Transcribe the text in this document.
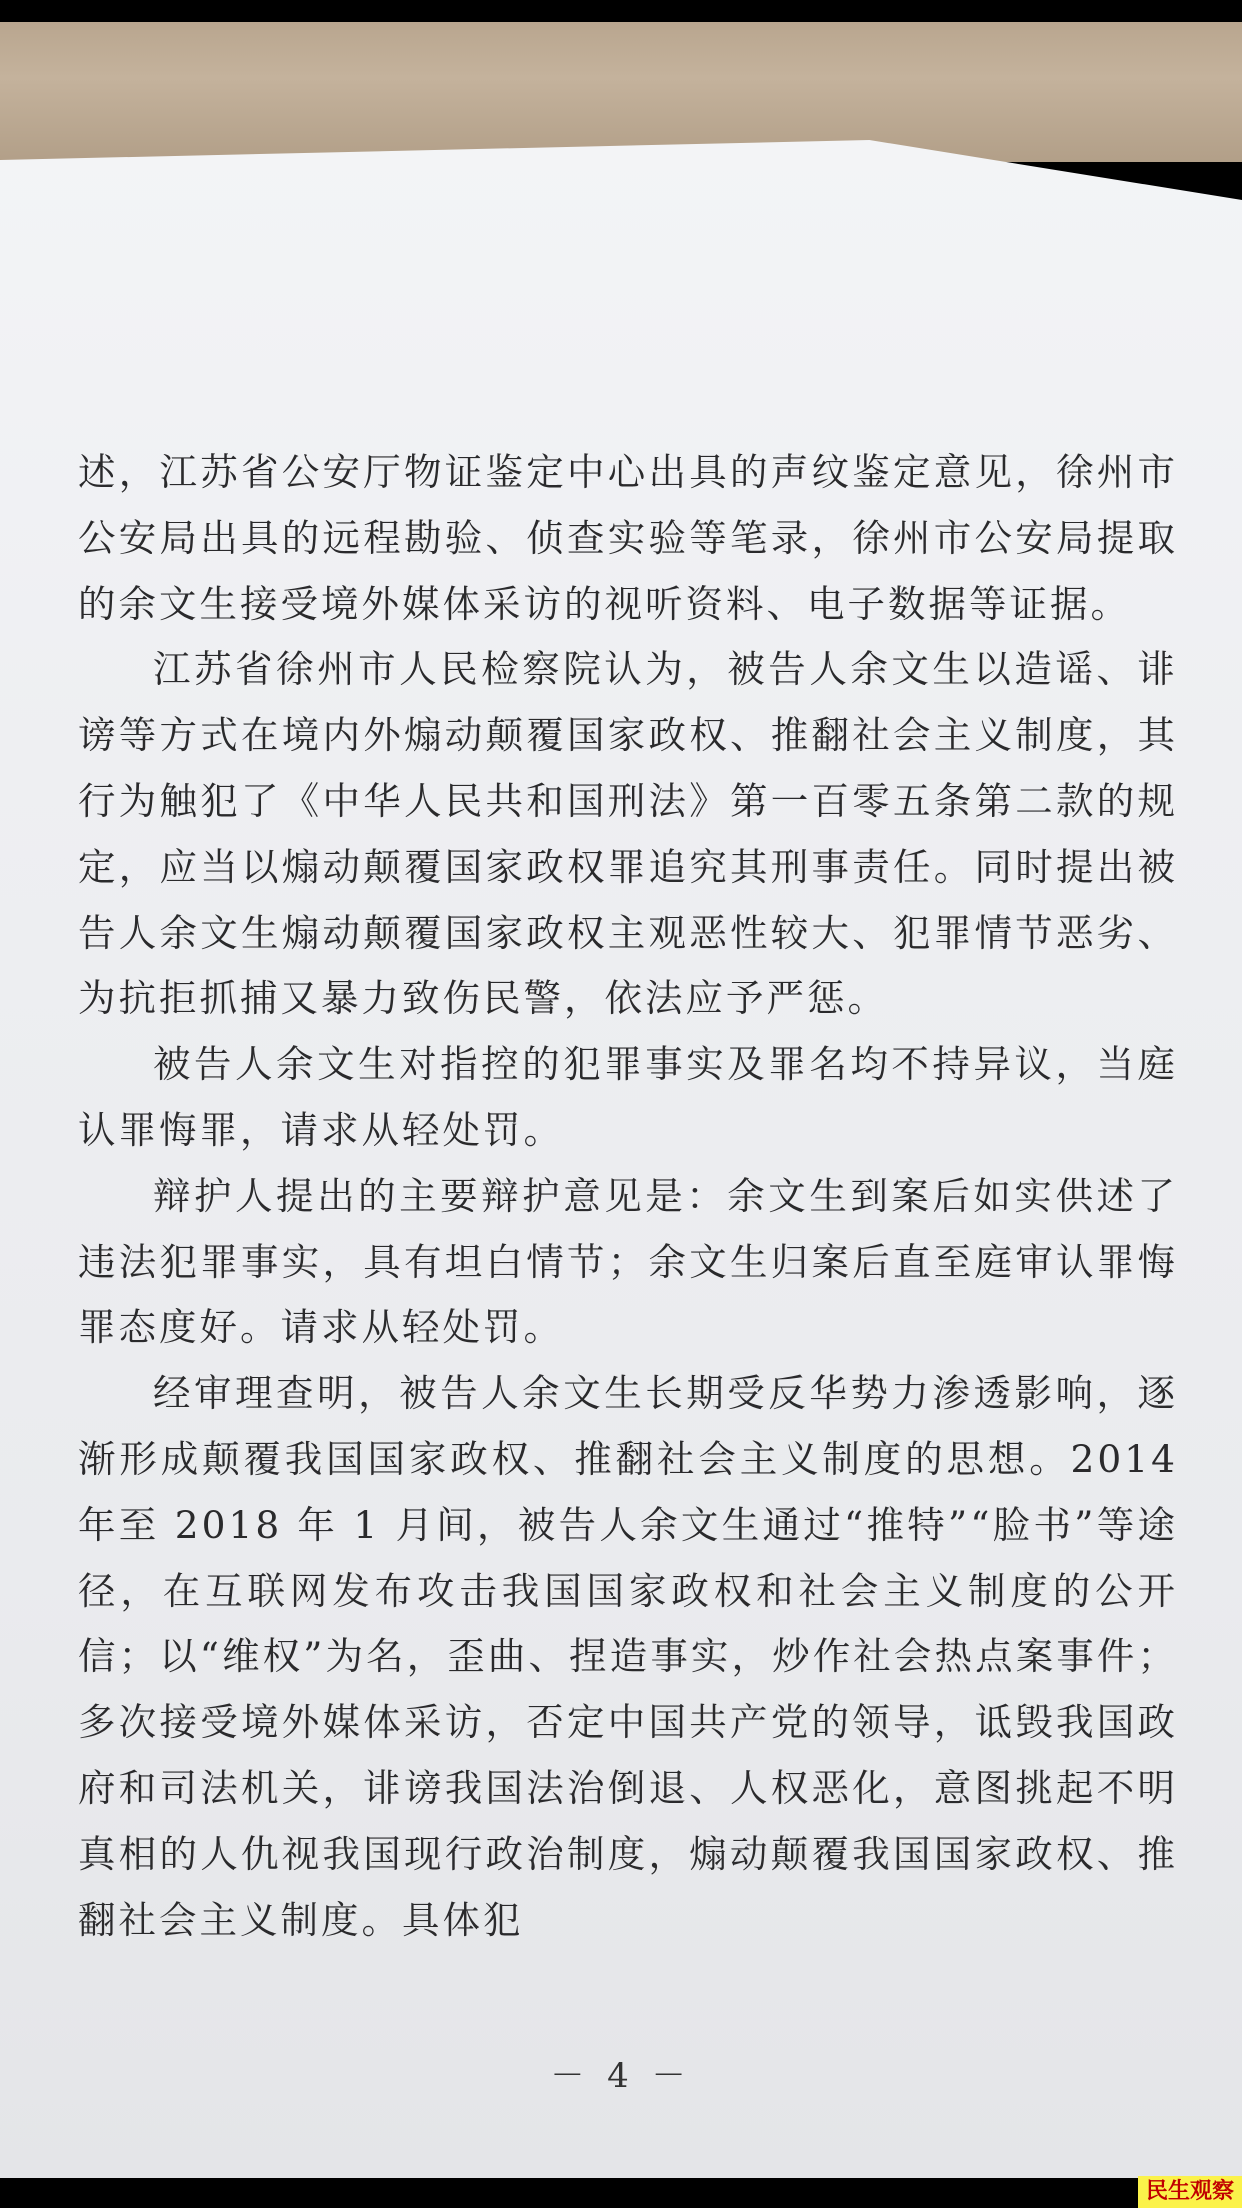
述，江苏省公安厅物证鉴定中心出具的声纹鉴定意见，徐州市公安局出具的远程勘验、侦查实验等笔录，徐州市公安局提取的余文生接受境外媒体采访的视听资料、电子数据等证据。

江苏省徐州市人民检察院认为，被告人余文生以造谣、诽谤等方式在境内外煽动颠覆国家政权、推翻社会主义制度，其行为触犯了《中华人民共和国刑法》第一百零五条第二款的规定，应当以煽动颠覆国家政权罪追究其刑事责任。同时提出被告人余文生煽动颠覆国家政权主观恶性较大、犯罪情节恶劣、为抗拒抓捕又暴力致伤民警，依法应予严惩。

被告人余文生对指控的犯罪事实及罪名均不持异议，当庭认罪悔罪，请求从轻处罚。

辩护人提出的主要辩护意见是：余文生到案后如实供述了违法犯罪事实，具有坦白情节；余文生归案后直至庭审认罪悔罪态度好。请求从轻处罚。

经审理查明，被告人余文生长期受反华势力渗透影响，逐渐形成颠覆我国国家政权、推翻社会主义制度的思想。2014 年至 2018 年 1 月间，被告人余文生通过“推特”“脸书”等途径，在互联网发布攻击我国国家政权和社会主义制度的公开信；以“维权”为名，歪曲、捏造事实，炒作社会热点案事件；多次接受境外媒体采访，否定中国共产党的领导，诋毁我国政府和司法机关，诽谤我国法治倒退、人权恶化，意图挑起不明真相的人仇视我国现行政治制度，煽动颠覆我国国家政权、推翻社会主义制度。具体犯

－ 4 －
民生观察
